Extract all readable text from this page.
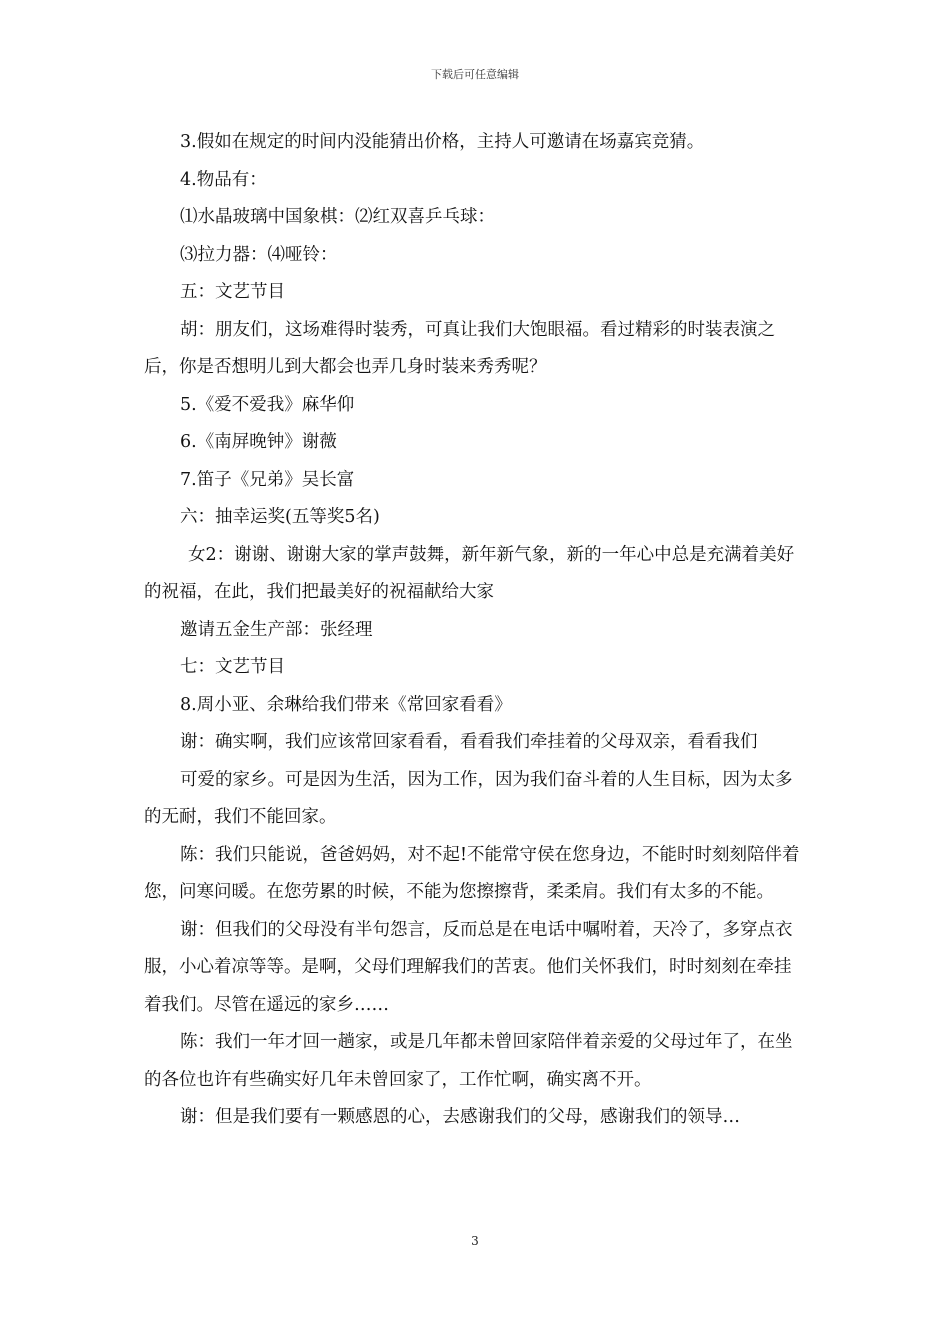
下载后可任意编辑

3.假如在规定的时间内没能猜出价格，主持人可邀请在场嘉宾竞猜。

4.物品有：

⑴水晶玻璃中国象棋：⑵红双喜乒乓球：

⑶拉力器：⑷哑铃：

五：文艺节目

胡：朋友们，这场难得时装秀，可真让我们大饱眼福。看过精彩的时装表演之后，你是否想明儿到大都会也弄几身时装来秀秀呢？

5.《爱不爱我》麻华仰

6.《南屏晚钟》谢薇

7.笛子《兄弟》吴长富

六：抽幸运奖(五等奖5名)

女2：谢谢、谢谢大家的掌声鼓舞，新年新气象，新的一年心中总是充满着美好的祝福，在此，我们把最美好的祝福献给大家

邀请五金生产部：张经理

七：文艺节目

8.周小亚、余琳给我们带来《常回家看看》

谢：确实啊，我们应该常回家看看，看看我们牵挂着的父母双亲，看看我们

可爱的家乡。可是因为生活，因为工作，因为我们奋斗着的人生目标，因为太多的无耐，我们不能回家。

陈：我们只能说，爸爸妈妈，对不起!不能常守侯在您身边，不能时时刻刻陪伴着您，问寒问暖。在您劳累的时候，不能为您擦擦背，柔柔肩。我们有太多的不能。

谢：但我们的父母没有半句怨言，反而总是在电话中嘱咐着，天冷了，多穿点衣服，小心着凉等等。是啊，父母们理解我们的苦衷。他们关怀我们，时时刻刻在牵挂着我们。尽管在遥远的家乡……

陈：我们一年才回一趟家，或是几年都未曾回家陪伴着亲爱的父母过年了，在坐的各位也许有些确实好几年未曾回家了，工作忙啊，确实离不开。

谢：但是我们要有一颗感恩的心，去感谢我们的父母，感谢我们的领导…

3
